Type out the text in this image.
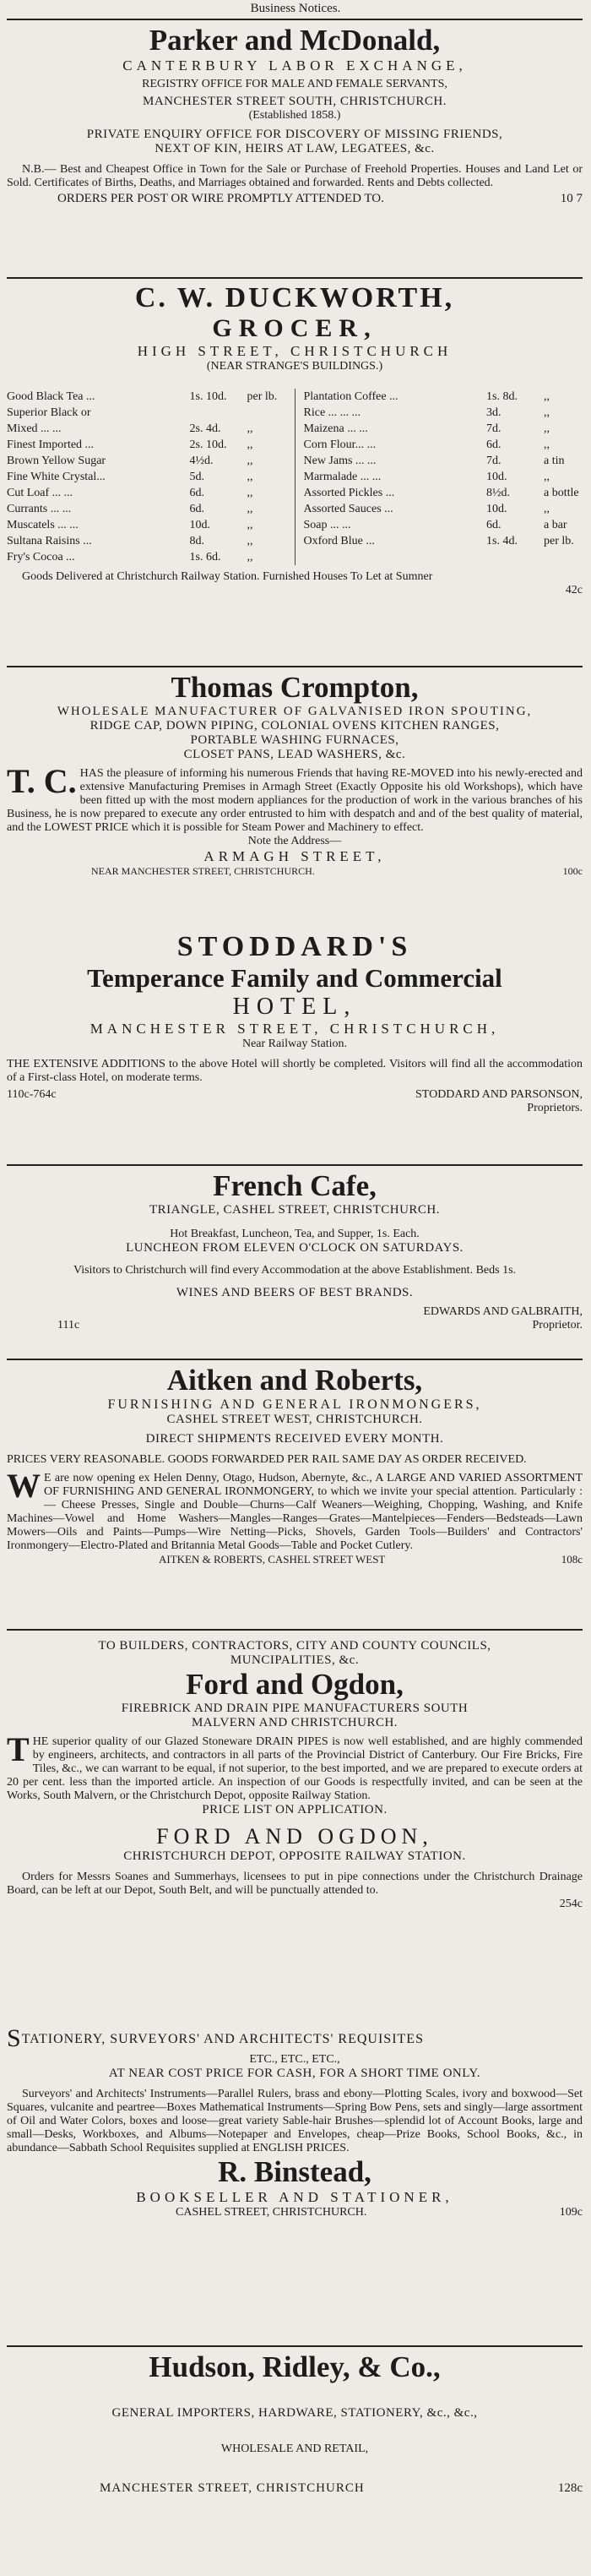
Business Notices.
Parker and McDonald,
CANTERBURY LABOR EXCHANGE,
REGISTRY OFFICE FOR MALE AND FEMALE SERVANTS,
MANCHESTER STREET SOUTH, CHRISTCHURCH.
(Established 1858.)
PRIVATE ENQUIRY OFFICE FOR DISCOVERY OF MISSING FRIENDS,
NEXT OF KIN, HEIRS AT LAW, LEGATEES, &c.
N.B.— Best and Cheapest Office in Town for the Sale or Purchase of Freehold Properties. Houses and Land Let or Sold. Certificates of Births, Deaths, and Marriages obtained and forwarded. Rents and Debts collected.
ORDERS PER POST OR WIRE PROMPTLY ATTENDED TO.	10 7
C. W. DUCKWORTH,
GROCER,
HIGH STREET, CHRISTCHURCH
(NEAR STRANGE'S BUILDINGS.)
Good Black Tea ...	1s. 10d.	per lb.
Superior Black or
Mixed ... ...	2s. 4d.	,,
Finest Imported ...	2s. 10d.	,,
Brown Yellow Sugar	4½d.	,,
Fine White Crystal...	5d.	,,
Cut Loaf ... ...	6d.	,,
Currants ... ...	6d.	,,
Muscatels ... ...	10d.	,,
Sultana Raisins ...	8d.	,,
Fry's Cocoa ...	1s. 6d.	,,
Plantation Coffee ...	1s. 8d.	,,
Rice ... ... ...	3d.	,,
Maizena ... ...	7d.	,,
Corn Flour... ...	6d.	,,
New Jams ... ...	7d.	a tin
Marmalade ... ...	10d.	,,
Assorted Pickles ...	8½d.	a bottle
Assorted Sauces ...	10d.	,,
Soap ... ...	6d.	a bar
Oxford Blue ...	1s. 4d.	per lb.
Goods Delivered at Christchurch Railway Station. Furnished Houses To Let at Sumner
42c
Thomas Crompton,
WHOLESALE MANUFACTURER OF GALVANISED IRON SPOUTING,
RIDGE CAP, DOWN PIPING, COLONIAL OVENS KITCHEN RANGES,
PORTABLE WASHING FURNACES,
CLOSET PANS, LEAD WASHERS, &c.
T. C. HAS the pleasure of informing his numerous Friends that having RE-MOVED into his newly-erected and extensive Manufacturing Premises in Armagh Street (Exactly Opposite his old Workshops), which have been fitted up with the most modern appliances for the production of work in the various branches of his Business, he is now prepared to execute any order entrusted to him with despatch and and of the best quality of material, and the LOWEST PRICE which it is possible for Steam Power and Machinery to effect.
Note the Address—
ARMAGH STREET,
NEAR MANCHESTER STREET, CHRISTCHURCH.	100c
STODDARD'S
Temperance Family and Commercial
HOTEL,
MANCHESTER STREET, CHRISTCHURCH,
Near Railway Station.
THE EXTENSIVE ADDITIONS to the above Hotel will shortly be completed. Visitors will find all the accommodation of a First-class Hotel, on moderate terms.
110c-764c	STODDARD AND PARSONSON,
Proprietors.
French Cafe,
TRIANGLE, CASHEL STREET, CHRISTCHURCH.
Hot Breakfast, Luncheon, Tea, and Supper, 1s. Each.
LUNCHEON FROM ELEVEN O'CLOCK ON SATURDAYS.
Visitors to Christchurch will find every Accommodation at the above Establishment. Beds 1s.
WINES AND BEERS OF BEST BRANDS.
EDWARDS AND GALBRAITH,
111c	Proprietor.
Aitken and Roberts,
FURNISHING AND GENERAL IRONMONGERS,
CASHEL STREET WEST, CHRISTCHURCH.
DIRECT SHIPMENTS RECEIVED EVERY MONTH.
PRICES VERY REASONABLE. GOODS FORWARDED PER RAIL SAME DAY AS ORDER RECEIVED.
W E are now opening ex Helen Denny, Otago, Hudson, Abernyte, &c., A LARGE AND VARIED ASSORTMENT OF FURNISHING AND GENERAL IRONMONGERY, to which we invite your special attention. Particularly :— Cheese Presses, Single and Double—Churns—Calf Weaners—Weighing, Chopping, Washing, and Knife Machines—Vowel and Home Washers—Mangles—Ranges—Grates—Mantelpieces—Fenders—Bedsteads—Lawn Mowers—Oils and Paints—Pumps—Wire Netting—Picks, Shovels, Garden Tools—Builders' and Contractors' Ironmongery—Electro-Plated and Britannia Metal Goods—Table and Pocket Cutlery.
AITKEN & ROBERTS, CASHEL STREET WEST	108c
TO BUILDERS, CONTRACTORS, CITY AND COUNTY COUNCILS,
MUNCIPALITIES, &c.
Ford and Ogdon,
FIREBRICK AND DRAIN PIPE MANUFACTURERS SOUTH
MALVERN AND CHRISTCHURCH.
T HE superior quality of our Glazed Stoneware DRAIN PIPES is now well established, and are highly commended by engineers, architects, and contractors in all parts of the Provincial District of Canterbury. Our Fire Bricks, Fire Tiles, &c., we can warrant to be equal, if not superior, to the best imported, and we are prepared to execute orders at 20 per cent. less than the imported article. An inspection of our Goods is respectfully invited, and can be seen at the Works, South Malvern, or the Christchurch Depot, opposite Railway Station.
PRICE LIST ON APPLICATION.
FORD AND OGDON,
CHRISTCHURCH DEPOT, OPPOSITE RAILWAY STATION.
Orders for Messrs Soanes and Summerhays, licensees to put in pipe connections under the Christchurch Drainage Board, can be left at our Depot, South Belt, and will be punctually attended to.
254c
STATIONERY, SURVEYORS' AND ARCHITECTS' REQUISITES
ETC., ETC., ETC.,
AT NEAR COST PRICE FOR CASH, FOR A SHORT TIME ONLY.
Surveyors' and Architects' Instruments—Parallel Rulers, brass and ebony—Plotting Scales, ivory and boxwood—Set Squares, vulcanite and peartree—Boxes Mathematical Instruments—Spring Bow Pens, sets and singly—large assortment of Oil and Water Colors, boxes and loose—great variety Sable-hair Brushes—splendid lot of Account Books, large and small—Desks, Workboxes, and Albums—Notepaper and Envelopes, cheap—Prize Books, School Books, &c., in abundance—Sabbath School Requisites supplied at ENGLISH PRICES.
R. Binstead,
BOOKSELLER AND STATIONER,
CASHEL STREET, CHRISTCHURCH.	109c
Hudson, Ridley, & Co.,
GENERAL IMPORTERS, HARDWARE, STATIONERY, &c., &c.,
WHOLESALE AND RETAIL,
MANCHESTER STREET, CHRISTCHURCH	128c
